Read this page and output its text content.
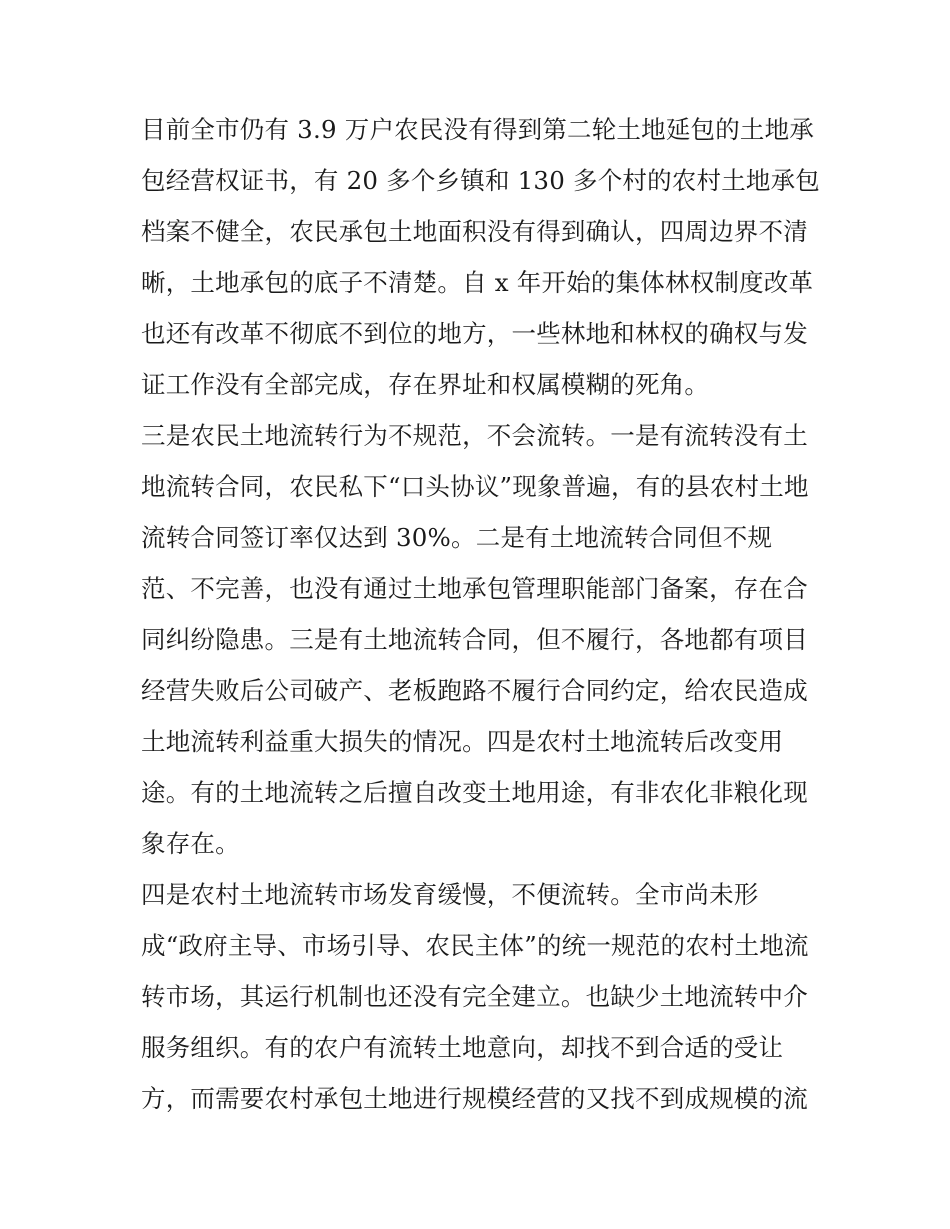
目前全市仍有 3.9 万户农民没有得到第二轮土地延包的土地承
包经营权证书，有 20 多个乡镇和 130 多个村的农村土地承包
档案不健全，农民承包土地面积没有得到确认，四周边界不清
晰，土地承包的底子不清楚。自 x 年开始的集体林权制度改革
也还有改革不彻底不到位的地方，一些林地和林权的确权与发
证工作没有全部完成，存在界址和权属模糊的死角。
三是农民土地流转行为不规范，不会流转。一是有流转没有土
地流转合同，农民私下“口头协议”现象普遍，有的县农村土地
流转合同签订率仅达到 30%。二是有土地流转合同但不规
范、不完善，也没有通过土地承包管理职能部门备案，存在合
同纠纷隐患。三是有土地流转合同，但不履行，各地都有项目
经营失败后公司破产、老板跑路不履行合同约定，给农民造成
土地流转利益重大损失的情况。四是农村土地流转后改变用
途。有的土地流转之后擅自改变土地用途，有非农化非粮化现
象存在。
四是农村土地流转市场发育缓慢，不便流转。全市尚未形
成“政府主导、市场引导、农民主体”的统一规范的农村土地流
转市场，其运行机制也还没有完全建立。也缺少土地流转中介
服务组织。有的农户有流转土地意向，却找不到合适的受让
方，而需要农村承包土地进行规模经营的又找不到成规模的流
